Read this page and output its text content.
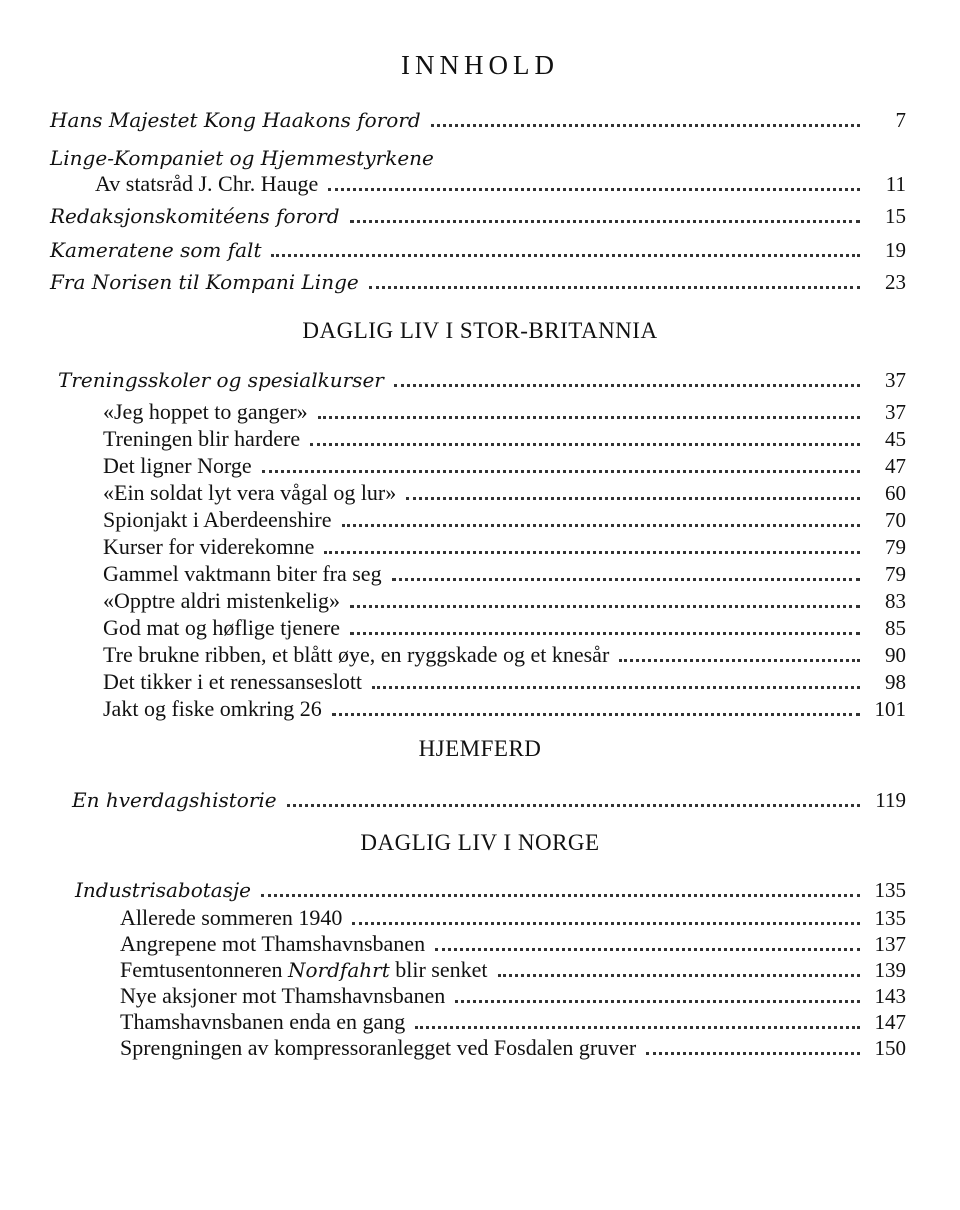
INNHOLD
Hans Majestet Kong Haakons forord	7
Linge-Kompaniet og Hjemmestyrkene
Av statsråd J. Chr. Hauge	11
Redaksjonskomitéens forord	15
Kameratene som falt	19
Fra Norisen til Kompani Linge	23
DAGLIG LIV I STOR-BRITANNIA
Treningsskoler og spesialkurser	37
«Jeg hoppet to ganger»	37
Treningen blir hardere	45
Det ligner Norge	47
«Ein soldat lyt vera vågal og lur»	60
Spionjakt i Aberdeenshire	70
Kurser for viderekomne	79
Gammel vaktmann biter fra seg	79
«Opptre aldri mistenkelig»	83
God mat og høflige tjenere	85
Tre brukne ribben, et blått øye, en ryggskade og et knesår	90
Det tikker i et renessanseslott	98
Jakt og fiske omkring 26	101
HJEMFERD
En hverdagshistorie	119
DAGLIG LIV I NORGE
Industrisabotasje	135
Allerede sommeren 1940	135
Angrepene mot Thamshavnsbanen	137
Femtusentonneren Nordfahrt blir senket	139
Nye aksjoner mot Thamshavnsbanen	143
Thamshavnsbanen enda en gang	147
Sprengningen av kompressoranlegget ved Fosdalen gruver	150
